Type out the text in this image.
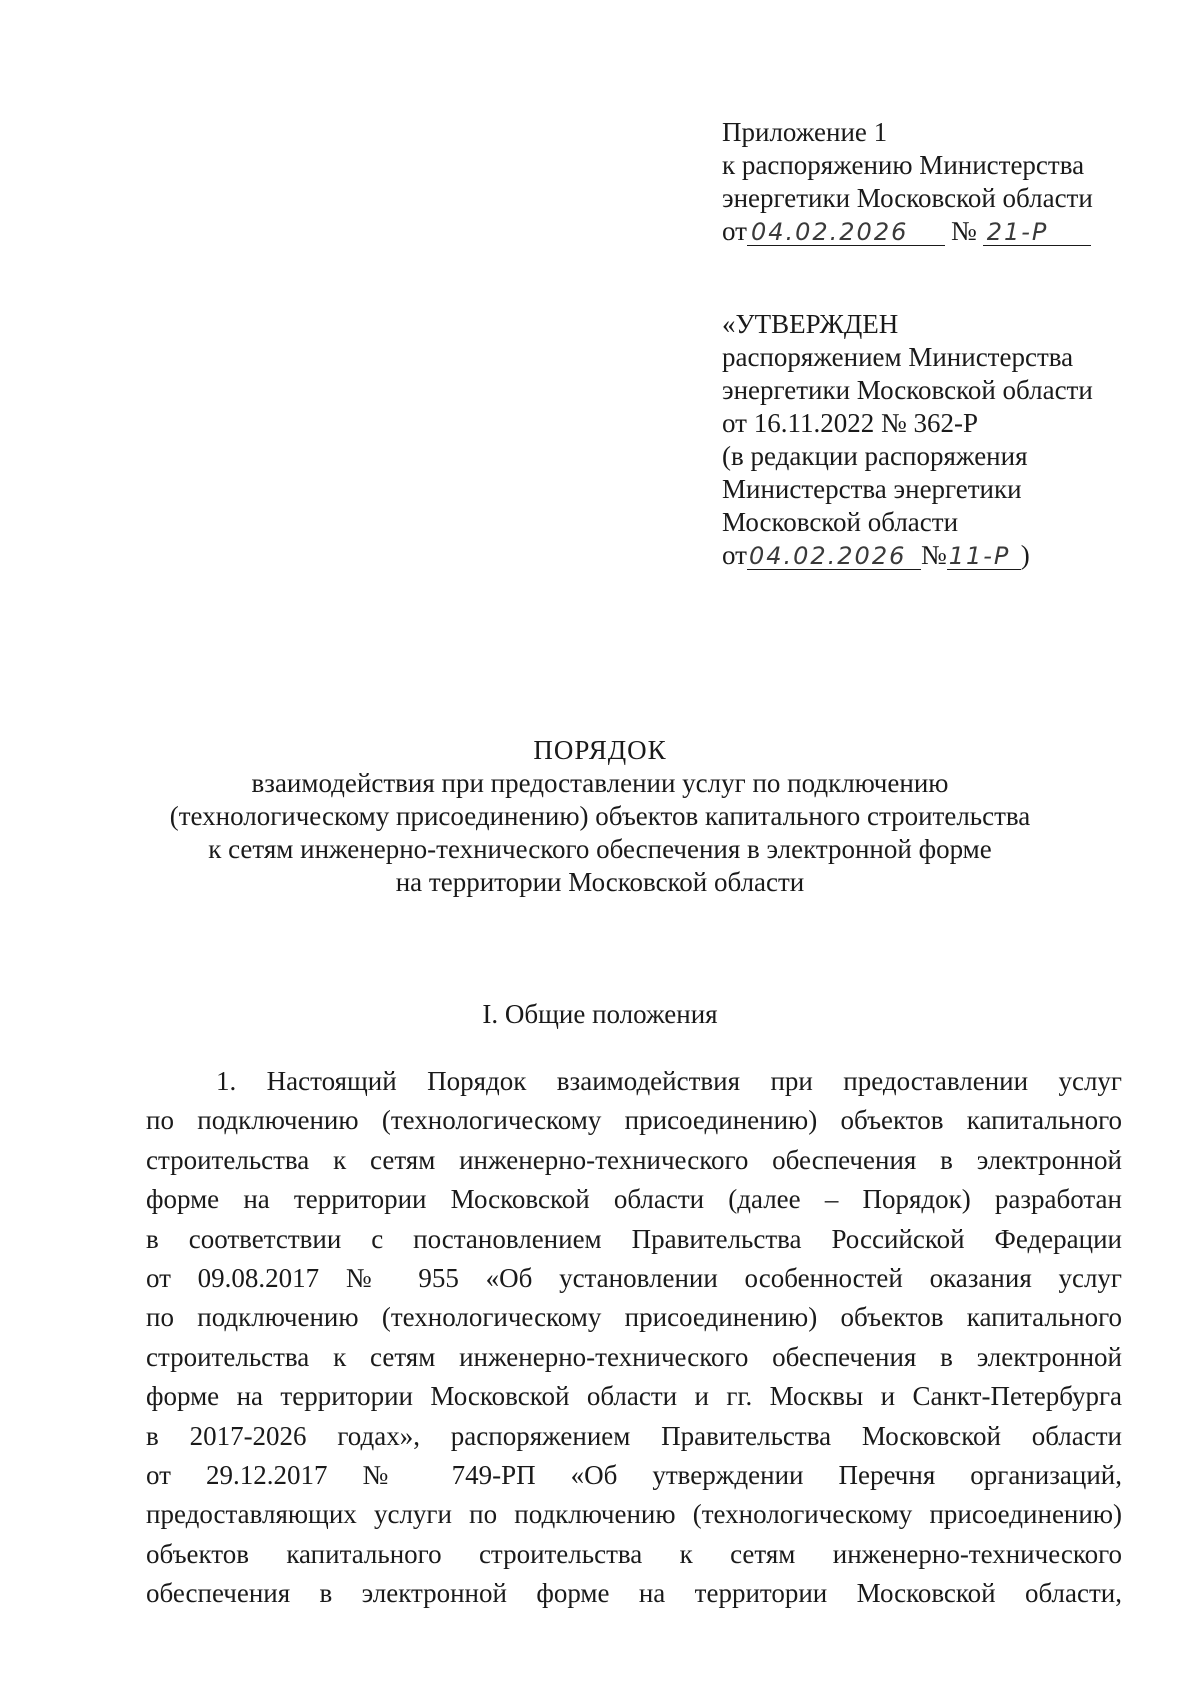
Приложение 1
к распоряжению Министерства
энергетики Московской области
от 04.02.2026 № 21-Р
«УТВЕРЖДЕН
распоряжением Министерства
энергетики Московской области
от 16.11.2022 № 362-Р
(в редакции распоряжения
Министерства энергетики
Московской области
от04.02.2026 №11-Р )
ПОРЯДОК
взаимодействия при предоставлении услуг по подключению
(технологическому присоединению) объектов капитального строительства
к сетям инженерно-технического обеспечения в электронной форме
на территории Московской области
I. Общие положения
1. Настоящий Порядок взаимодействия при предоставлении услуг
по подключению (технологическому присоединению) объектов капитального
строительства к сетям инженерно-технического обеспечения в электронной
форме на территории Московской области (далее – Порядок) разработан
в соответствии с постановлением Правительства Российской Федерации
от 09.08.2017 № 955 «Об установлении особенностей оказания услуг
по подключению (технологическому присоединению) объектов капитального
строительства к сетям инженерно-технического обеспечения в электронной
форме на территории Московской области и гг. Москвы и Санкт-Петербурга
в 2017-2026 годах», распоряжением Правительства Московской области
от 29.12.2017 № 749-РП «Об утверждении Перечня организаций,
предоставляющих услуги по подключению (технологическому присоединению)
объектов капитального строительства к сетям инженерно-технического
обеспечения в электронной форме на территории Московской области,
